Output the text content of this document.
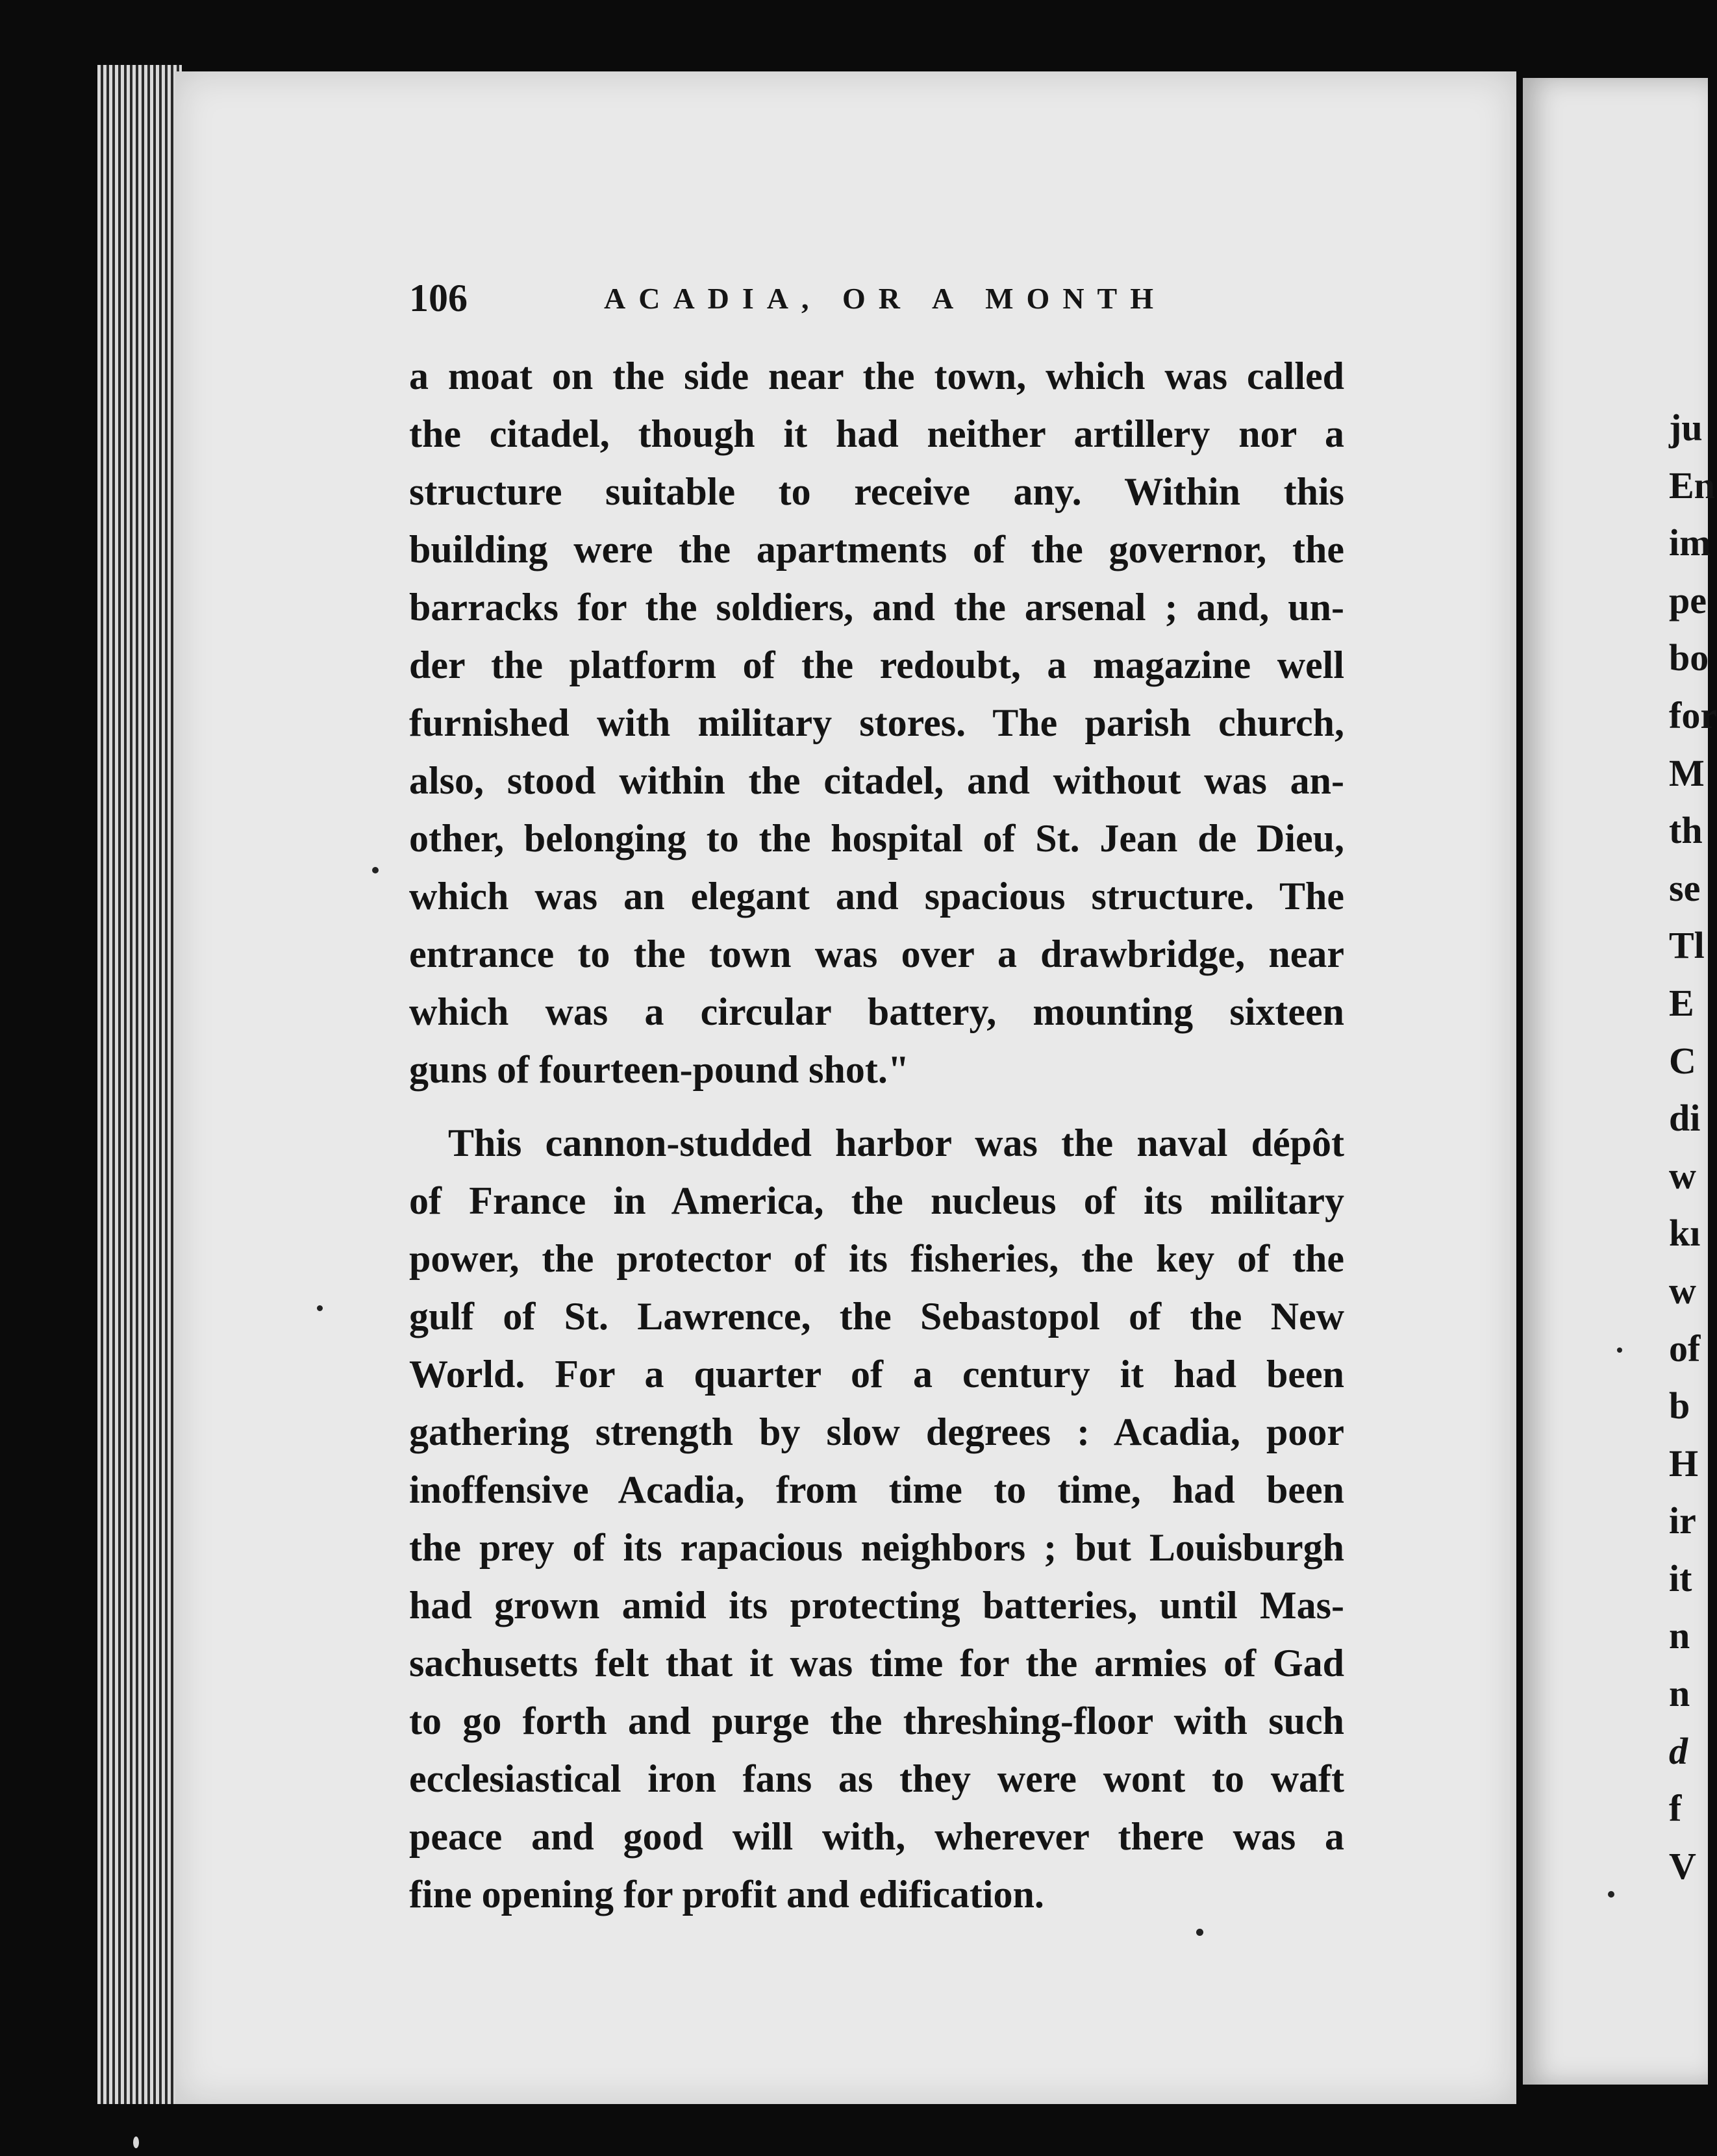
106	ACADIA, OR A MONTH
a moat on the side near the town, which was called
the citadel, though it had neither artillery nor a
structure suitable to receive any. Within this
building were the apartments of the governor, the
barracks for the soldiers, and the arsenal ; and, un-
der the platform of the redoubt, a magazine well
furnished with military stores. The parish church,
also, stood within the citadel, and without was an-
other, belonging to the hospital of St. Jean de Dieu,
which was an elegant and spacious structure. The
entrance to the town was over a drawbridge, near
which was a circular battery, mounting sixteen
guns of fourteen-pound shot."
This cannon-studded harbor was the naval dépôt
of France in America, the nucleus of its military
power, the protector of its fisheries, the key of the
gulf of St. Lawrence, the Sebastopol of the New
World. For a quarter of a century it had been
gathering strength by slow degrees : Acadia, poor
inoffensive Acadia, from time to time, had been
the prey of its rapacious neighbors ; but Louisburgh
had grown amid its protecting batteries, until Mas-
sachusetts felt that it was time for the armies of Gad
to go forth and purge the threshing-floor with such
ecclesiastical iron fans as they were wont to waft
peace and good will with, wherever there was a
fine opening for profit and edification.
ju
En
im
pe
bo
for
M
th
se
Tl
E
C
di
w
kı
w
of
b
H
ir
it
n
n
d
f
V
